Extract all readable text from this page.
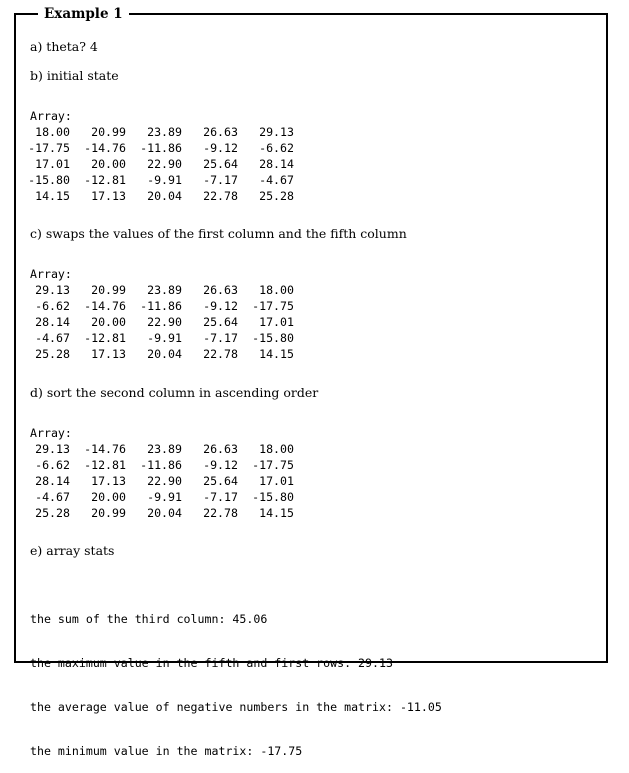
Example 1
a) theta? 4
b) initial state
Array:
18.00	20.99	23.89	26.63	29.13
-17.75	-14.76	-11.86	-9.12	-6.62
17.01	20.00	22.90	25.64	28.14
-15.80	-12.81	-9.91	-7.17	-4.67
14.15	17.13	20.04	22.78	25.28
c) swaps the values of the first column and the fifth column
Array:
29.13	20.99	23.89	26.63	18.00
-6.62	-14.76	-11.86	-9.12	-17.75
28.14	20.00	22.90	25.64	17.01
-4.67	-12.81	-9.91	-7.17	-15.80
25.28	17.13	20.04	22.78	14.15
d) sort the second column in ascending order
Array:
29.13	-14.76	23.89	26.63	18.00
-6.62	-12.81	-11.86	-9.12	-17.75
28.14	17.13	22.90	25.64	17.01
-4.67	20.00	-9.91	-7.17	-15.80
25.28	20.99	20.04	22.78	14.15
e) array stats

the sum of the third column: 45.06

the maximum value in the fifth and first rows: 29.13

the average value of negative numbers in the matrix: -11.05

the minimum value in the matrix: -17.75
